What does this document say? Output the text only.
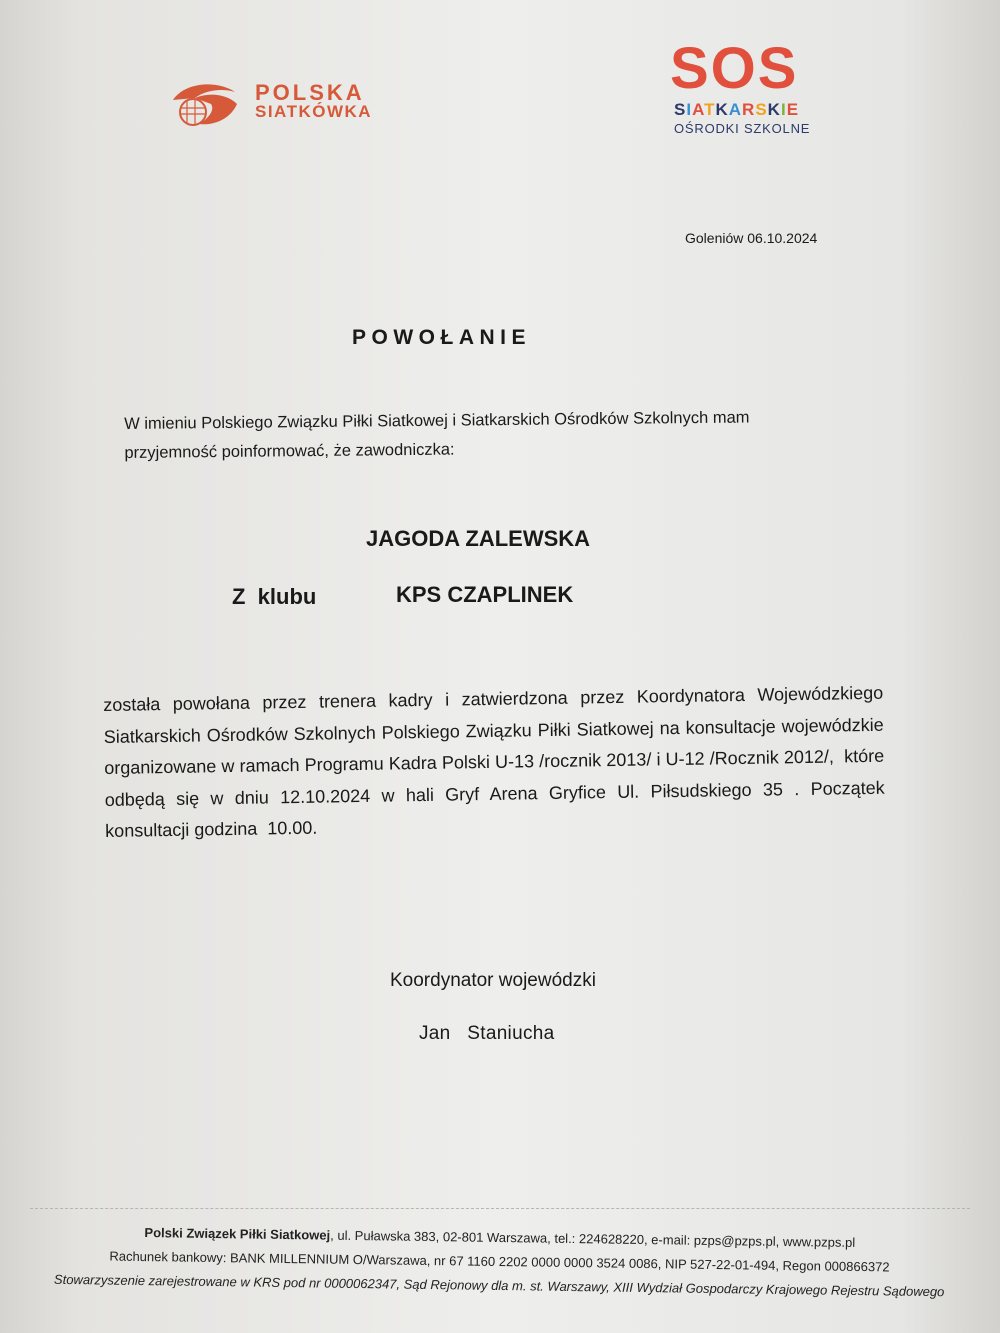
POLSKA
SIATKÓWKA
SOS
SIATKARSKIE
OŚRODKI SZKOLNE
Goleniów 06.10.2024
POWOŁANIE
W imieniu Polskiego Związku Piłki Siatkowej i Siatkarskich Ośrodków Szkolnych mam
przyjemność poinformować, że zawodniczka:
JAGODA ZALEWSKA
Z  klubu	KPS CZAPLINEK
została powołana przez trenera kadry i zatwierdzona przez Koordynatora Wojewódzkiego Siatkarskich Ośrodków Szkolnych Polskiego Związku Piłki Siatkowej na konsultacje wojewódzkie organizowane w ramach Programu Kadra Polski U-13 /rocznik 2013/ i U-12 /Rocznik 2012/,  które odbędą się w dniu 12.10.2024 w hali Gryf Arena Gryfice Ul. Piłsudskiego 35 . Początek konsultacji godzina  10.00.
Koordynator wojewódzki
Jan   Staniucha
Polski Związek Piłki Siatkowej, ul. Puławska 383, 02-801 Warszawa, tel.: 224628220, e-mail: pzps@pzps.pl, www.pzps.pl
Rachunek bankowy: BANK MILLENNIUM O/Warszawa, nr 67 1160 2202 0000 0000 3524 0086, NIP 527-22-01-494, Regon 000866372
Stowarzyszenie zarejestrowane w KRS pod nr 0000062347, Sąd Rejonowy dla m. st. Warszawy, XIII Wydział Gospodarczy Krajowego Rejestru Sądowego
